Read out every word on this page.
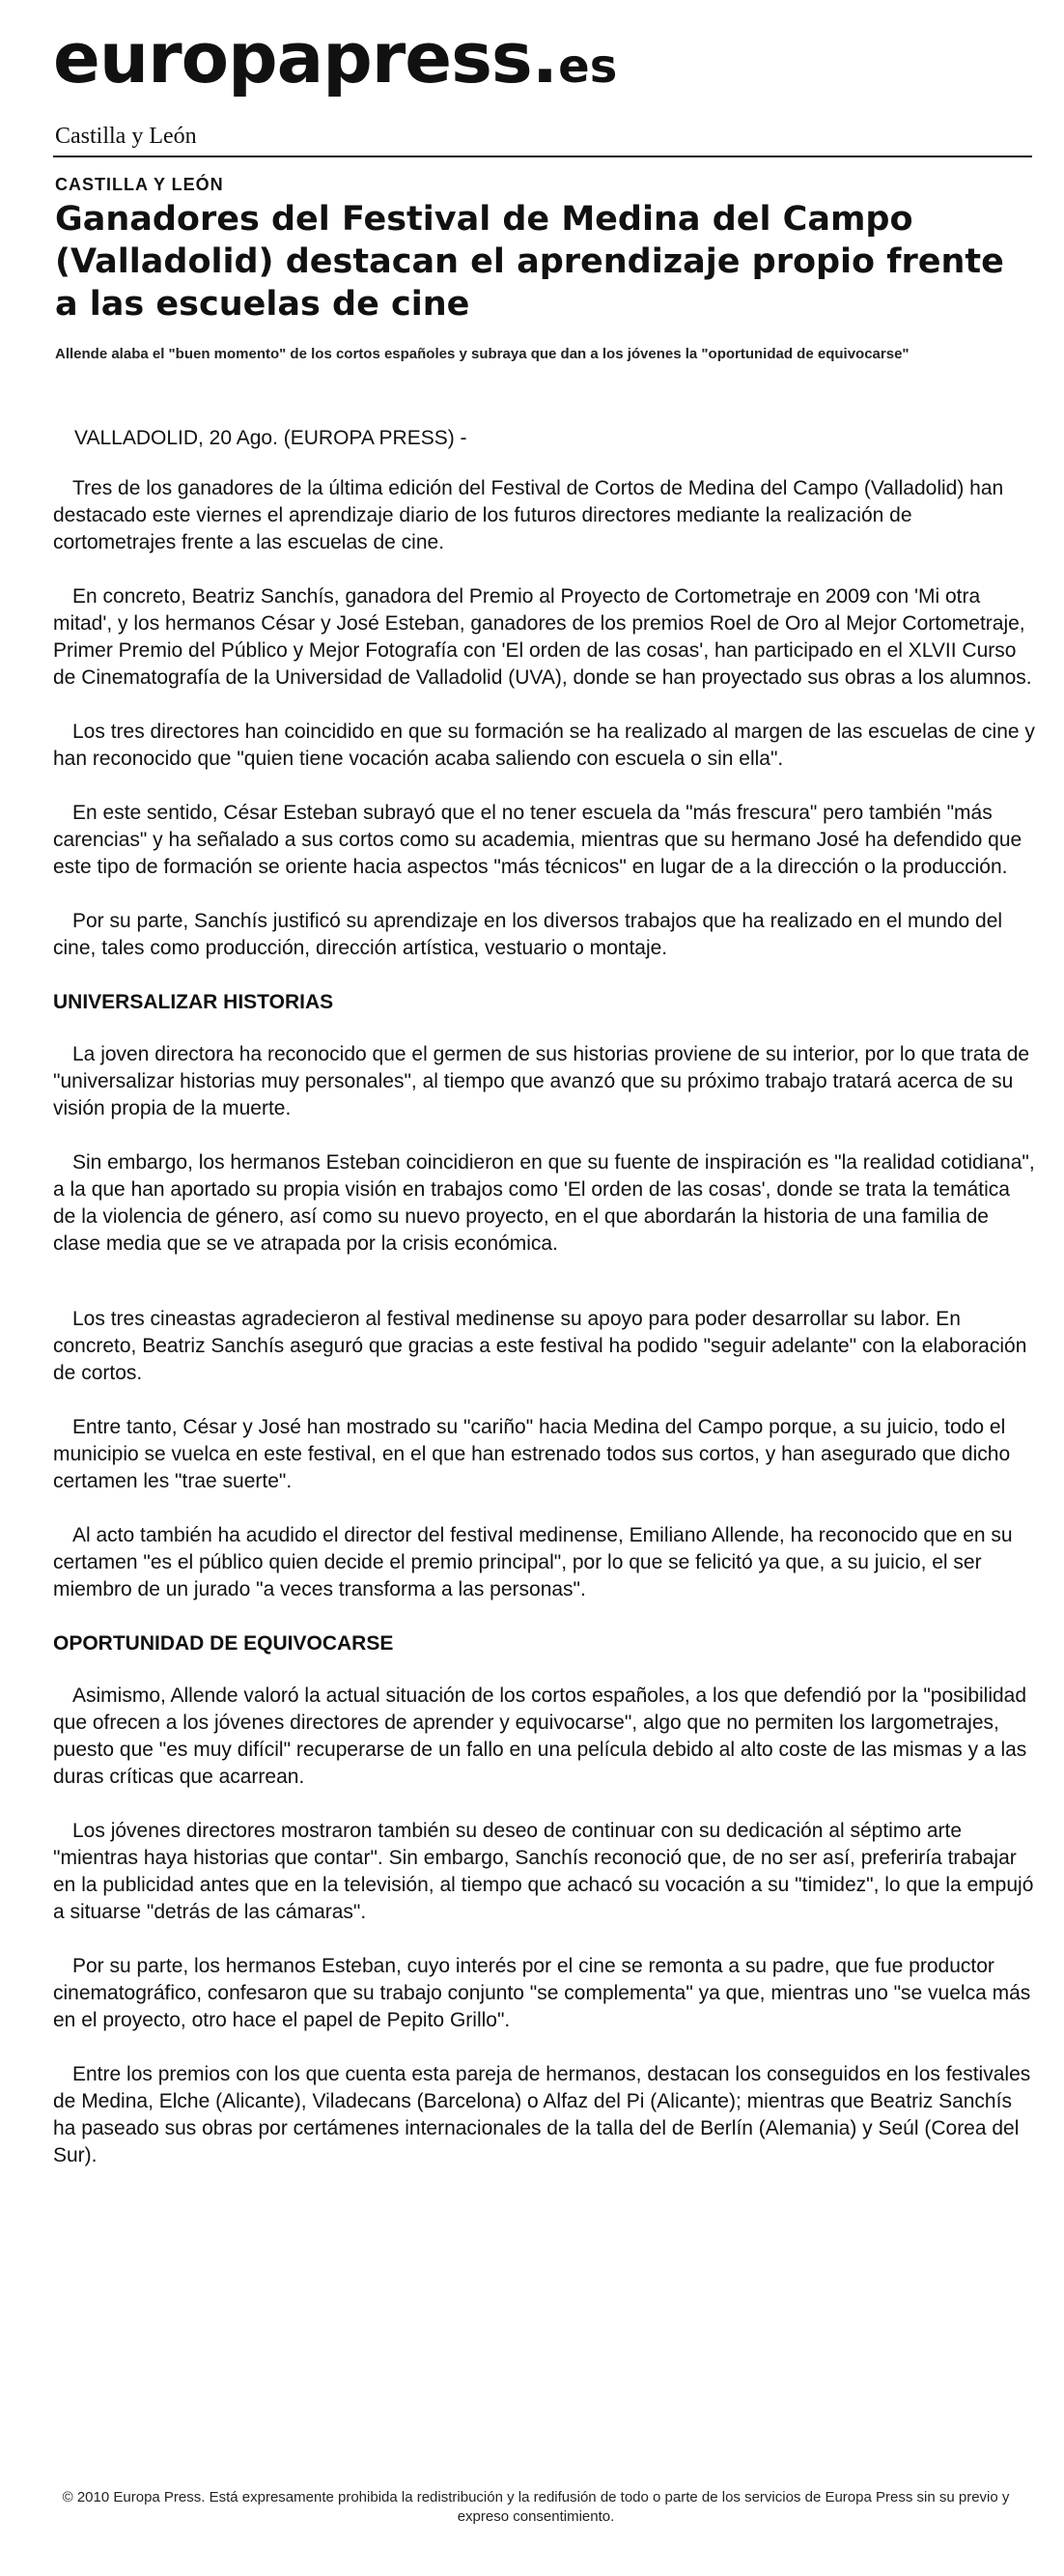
europapress.es
Castilla y León
CASTILLA Y LEÓN
Ganadores del Festival de Medina del Campo (Valladolid) destacan el aprendizaje propio frente a las escuelas de cine

Allende alaba el "buen momento" de los cortos españoles y subraya que dan a los jóvenes la "oportunidad de equivocarse"

VALLADOLID, 20 Ago. (EUROPA PRESS) -

Tres de los ganadores de la última edición del Festival de Cortos de Medina del Campo (Valladolid) han destacado este viernes el aprendizaje diario de los futuros directores mediante la realización de cortometrajes frente a las escuelas de cine.

En concreto, Beatriz Sanchís, ganadora del Premio al Proyecto de Cortometraje en 2009 con 'Mi otra mitad', y los hermanos César y José Esteban, ganadores de los premios Roel de Oro al Mejor Cortometraje, Primer Premio del Público y Mejor Fotografía con 'El orden de las cosas', han participado en el XLVII Curso de Cinematografía de la Universidad de Valladolid (UVA), donde se han proyectado sus obras a los alumnos.

Los tres directores han coincidido en que su formación se ha realizado al margen de las escuelas de cine y han reconocido que "quien tiene vocación acaba saliendo con escuela o sin ella".

En este sentido, César Esteban subrayó que el no tener escuela da "más frescura" pero también "más carencias" y ha señalado a sus cortos como su academia, mientras que su hermano José ha defendido que este tipo de formación se oriente hacia aspectos "más técnicos" en lugar de a la dirección o la producción.

Por su parte, Sanchís justificó su aprendizaje en los diversos trabajos que ha realizado en el mundo del cine, tales como producción, dirección artística, vestuario o montaje.

UNIVERSALIZAR HISTORIAS

La joven directora ha reconocido que el germen de sus historias proviene de su interior, por lo que trata de "universalizar historias muy personales", al tiempo que avanzó que su próximo trabajo tratará acerca de su visión propia de la muerte.

Sin embargo, los hermanos Esteban coincidieron en que su fuente de inspiración es "la realidad cotidiana", a la que han aportado su propia visión en trabajos como 'El orden de las cosas', donde se trata la temática de la violencia de género, así como su nuevo proyecto, en el que abordarán la historia de una familia de clase media que se ve atrapada por la crisis económica.

Los tres cineastas agradecieron al festival medinense su apoyo para poder desarrollar su labor. En concreto, Beatriz Sanchís aseguró que gracias a este festival ha podido "seguir adelante" con la elaboración de cortos.

Entre tanto, César y José han mostrado su "cariño" hacia Medina del Campo porque, a su juicio, todo el municipio se vuelca en este festival, en el que han estrenado todos sus cortos, y han asegurado que dicho certamen les "trae suerte".

Al acto también ha acudido el director del festival medinense, Emiliano Allende, ha reconocido que en su certamen "es el público quien decide el premio principal", por lo que se felicitó ya que, a su juicio, el ser miembro de un jurado "a veces transforma a las personas".

OPORTUNIDAD DE EQUIVOCARSE

Asimismo, Allende valoró la actual situación de los cortos españoles, a los que defendió por la "posibilidad que ofrecen a los jóvenes directores de aprender y equivocarse", algo que no permiten los largometrajes, puesto que "es muy difícil" recuperarse de un fallo en una película debido al alto coste de las mismas y a las duras críticas que acarrean.

Los jóvenes directores mostraron también su deseo de continuar con su dedicación al séptimo arte "mientras haya historias que contar". Sin embargo, Sanchís reconoció que, de no ser así, preferiría trabajar en la publicidad antes que en la televisión, al tiempo que achacó su vocación a su "timidez", lo que la empujó a situarse "detrás de las cámaras".

Por su parte, los hermanos Esteban, cuyo interés por el cine se remonta a su padre, que fue productor cinematográfico, confesaron que su trabajo conjunto "se complementa" ya que, mientras uno "se vuelca más en el proyecto, otro hace el papel de Pepito Grillo".

Entre los premios con los que cuenta esta pareja de hermanos, destacan los conseguidos en los festivales de Medina, Elche (Alicante), Viladecans (Barcelona) o Alfaz del Pi (Alicante); mientras que Beatriz Sanchís ha paseado sus obras por certámenes internacionales de la talla del de Berlín (Alemania) y Seúl (Corea del Sur).

© 2010 Europa Press. Está expresamente prohibida la redistribución y la redifusión de todo o parte de los servicios de Europa Press sin su previo y expreso consentimiento.
